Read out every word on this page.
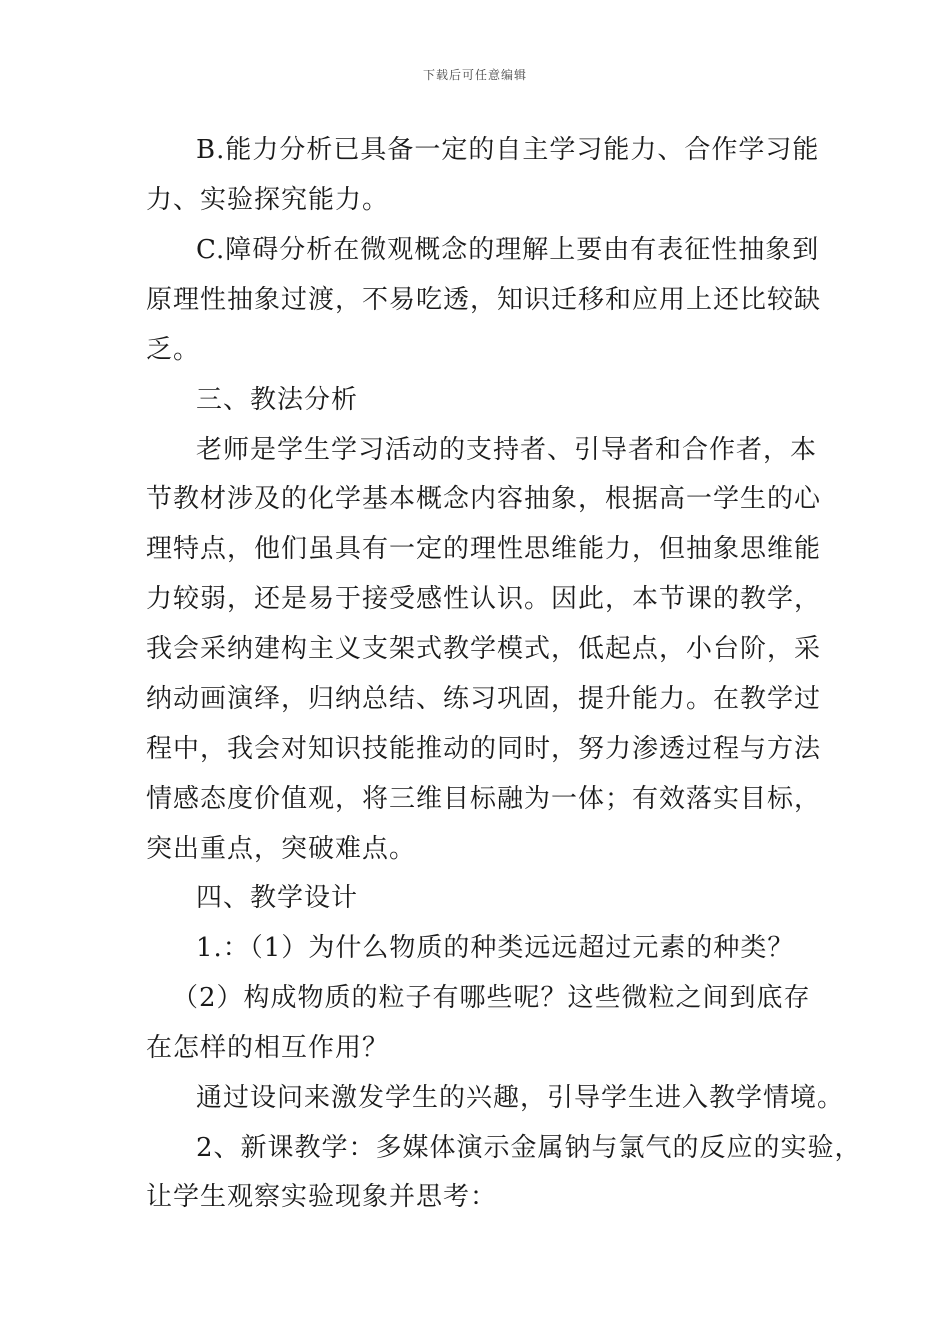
下载后可任意编辑
B.能力分析已具备一定的自主学习能力、合作学习能
力、实验探究能力。
C.障碍分析在微观概念的理解上要由有表征性抽象到
原理性抽象过渡，不易吃透，知识迁移和应用上还比较缺
乏。
三、教法分析
老师是学生学习活动的支持者、引导者和合作者，本
节教材涉及的化学基本概念内容抽象，根据高一学生的心
理特点，他们虽具有一定的理性思维能力，但抽象思维能
力较弱，还是易于接受感性认识。因此，本节课的教学，
我会采纳建构主义支架式教学模式，低起点，小台阶，采
纳动画演绎，归纳总结、练习巩固，提升能力。在教学过
程中，我会对知识技能推动的同时，努力渗透过程与方法
情感态度价值观，将三维目标融为一体；有效落实目标，
突出重点，突破难点。
四、教学设计
1.：（1）为什么物质的种类远远超过元素的种类？
（2）构成物质的粒子有哪些呢？这些微粒之间到底存
在怎样的相互作用？
通过设问来激发学生的兴趣，引导学生进入教学情境。
2、新课教学：多媒体演示金属钠与氯气的反应的实验，
让学生观察实验现象并思考：
